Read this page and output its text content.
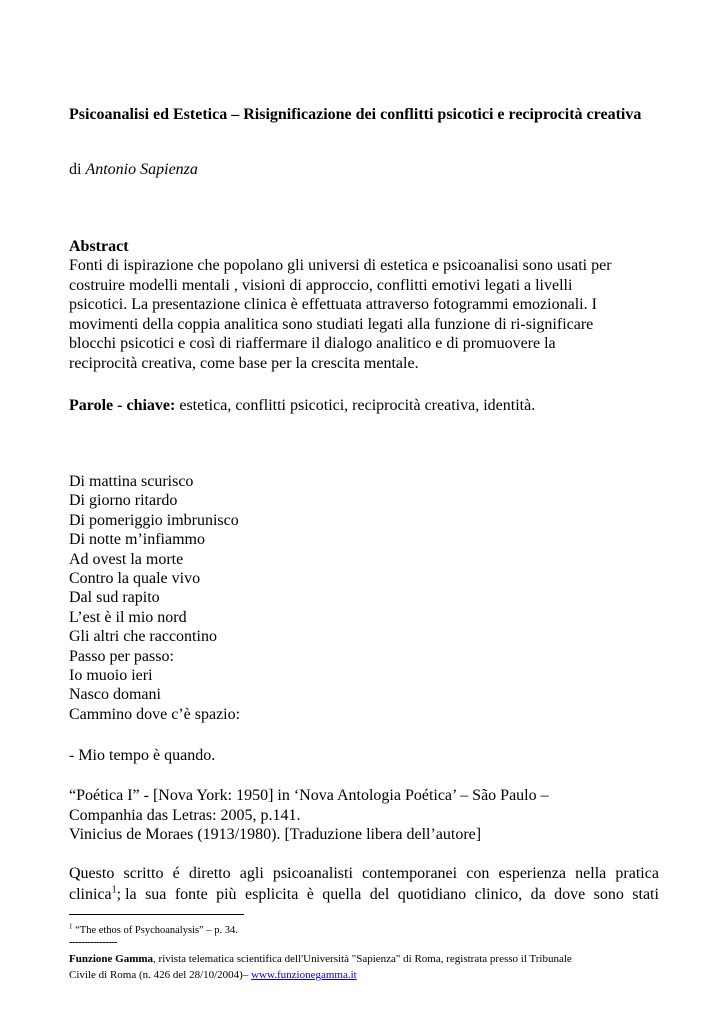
Psicoanalisi ed Estetica – Risignificazione dei conflitti psicotici e reciprocità creativa
di Antonio Sapienza
Abstract
Fonti di ispirazione che popolano gli universi di estetica e psicoanalisi sono usati per
costruire modelli mentali , visioni di approccio, conflitti emotivi legati a livelli
psicotici. La presentazione clinica è effettuata attraverso fotogrammi emozionali. I
movimenti della coppia analitica sono studiati legati alla funzione di ri-significare
blocchi psicotici e così di riaffermare il dialogo analitico e di promuovere la
reciprocità creativa, come base per la crescita mentale.
Parole - chiave: estetica, conflitti psicotici, reciprocità creativa, identità.
Di mattina scurisco
Di giorno ritardo
Di pomeriggio imbrunisco
Di notte m’infiammo
Ad ovest la morte
Contro la quale vivo
Dal sud rapito
L’est è il mio nord
Gli altri che raccontino
Passo per passo:
Io muoio ieri
Nasco domani
Cammino dove c’è spazio:
- Mio tempo è quando.
“Poética I” - [Nova York: 1950] in ‘Nova Antologia Poética’ – São Paulo –
Companhia das Letras: 2005, p.141.
Vinicius de Moraes (1913/1980). [Traduzione libera dell’autore]
Questo scritto é diretto agli psicoanalisti contemporanei con esperienza nella pratica
clinica$^1$; la sua fonte più esplicita è quella del quotidiano clinico, da dove sono stati
$^1$ “The ethos of Psychoanalysis” – p. 34.
----------------
Funzione Gamma, rivista telematica scientifica dell'Università "Sapienza" di Roma, registrata presso il Tribunale
Civile di Roma (n. 426 del 28/10/2004)– www.funzionegamma.it
